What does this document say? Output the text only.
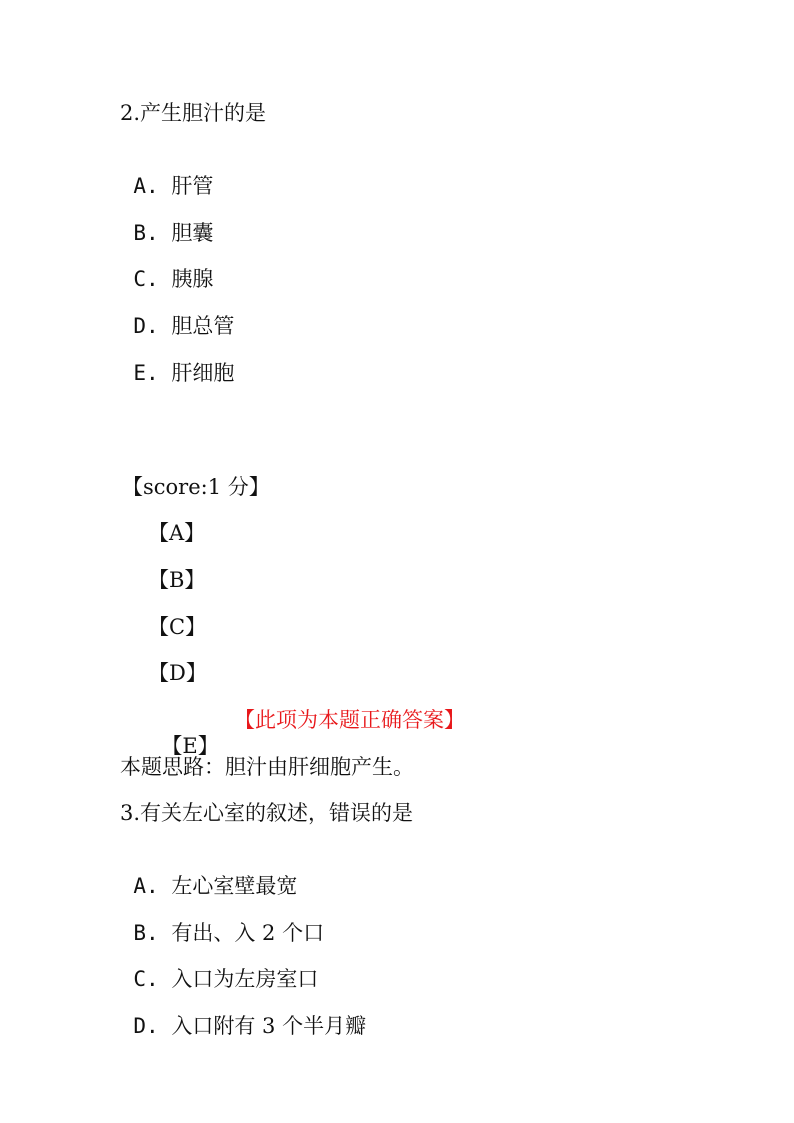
2.产生胆汁的是

A. 肝管

B. 胆囊

C. 胰腺

D. 胆总管

E. 肝细胞

【score:1 分】
【A】
【B】
【C】
【D】

【E】

【此项为本题正确答案】

本题思路：胆汁由肝细胞产生。
3.有关左心室的叙述，错误的是

A. 左心室壁最宽

B. 有出、入 2 个口

C. 入口为左房室口

D. 入口附有 3 个半月瓣
